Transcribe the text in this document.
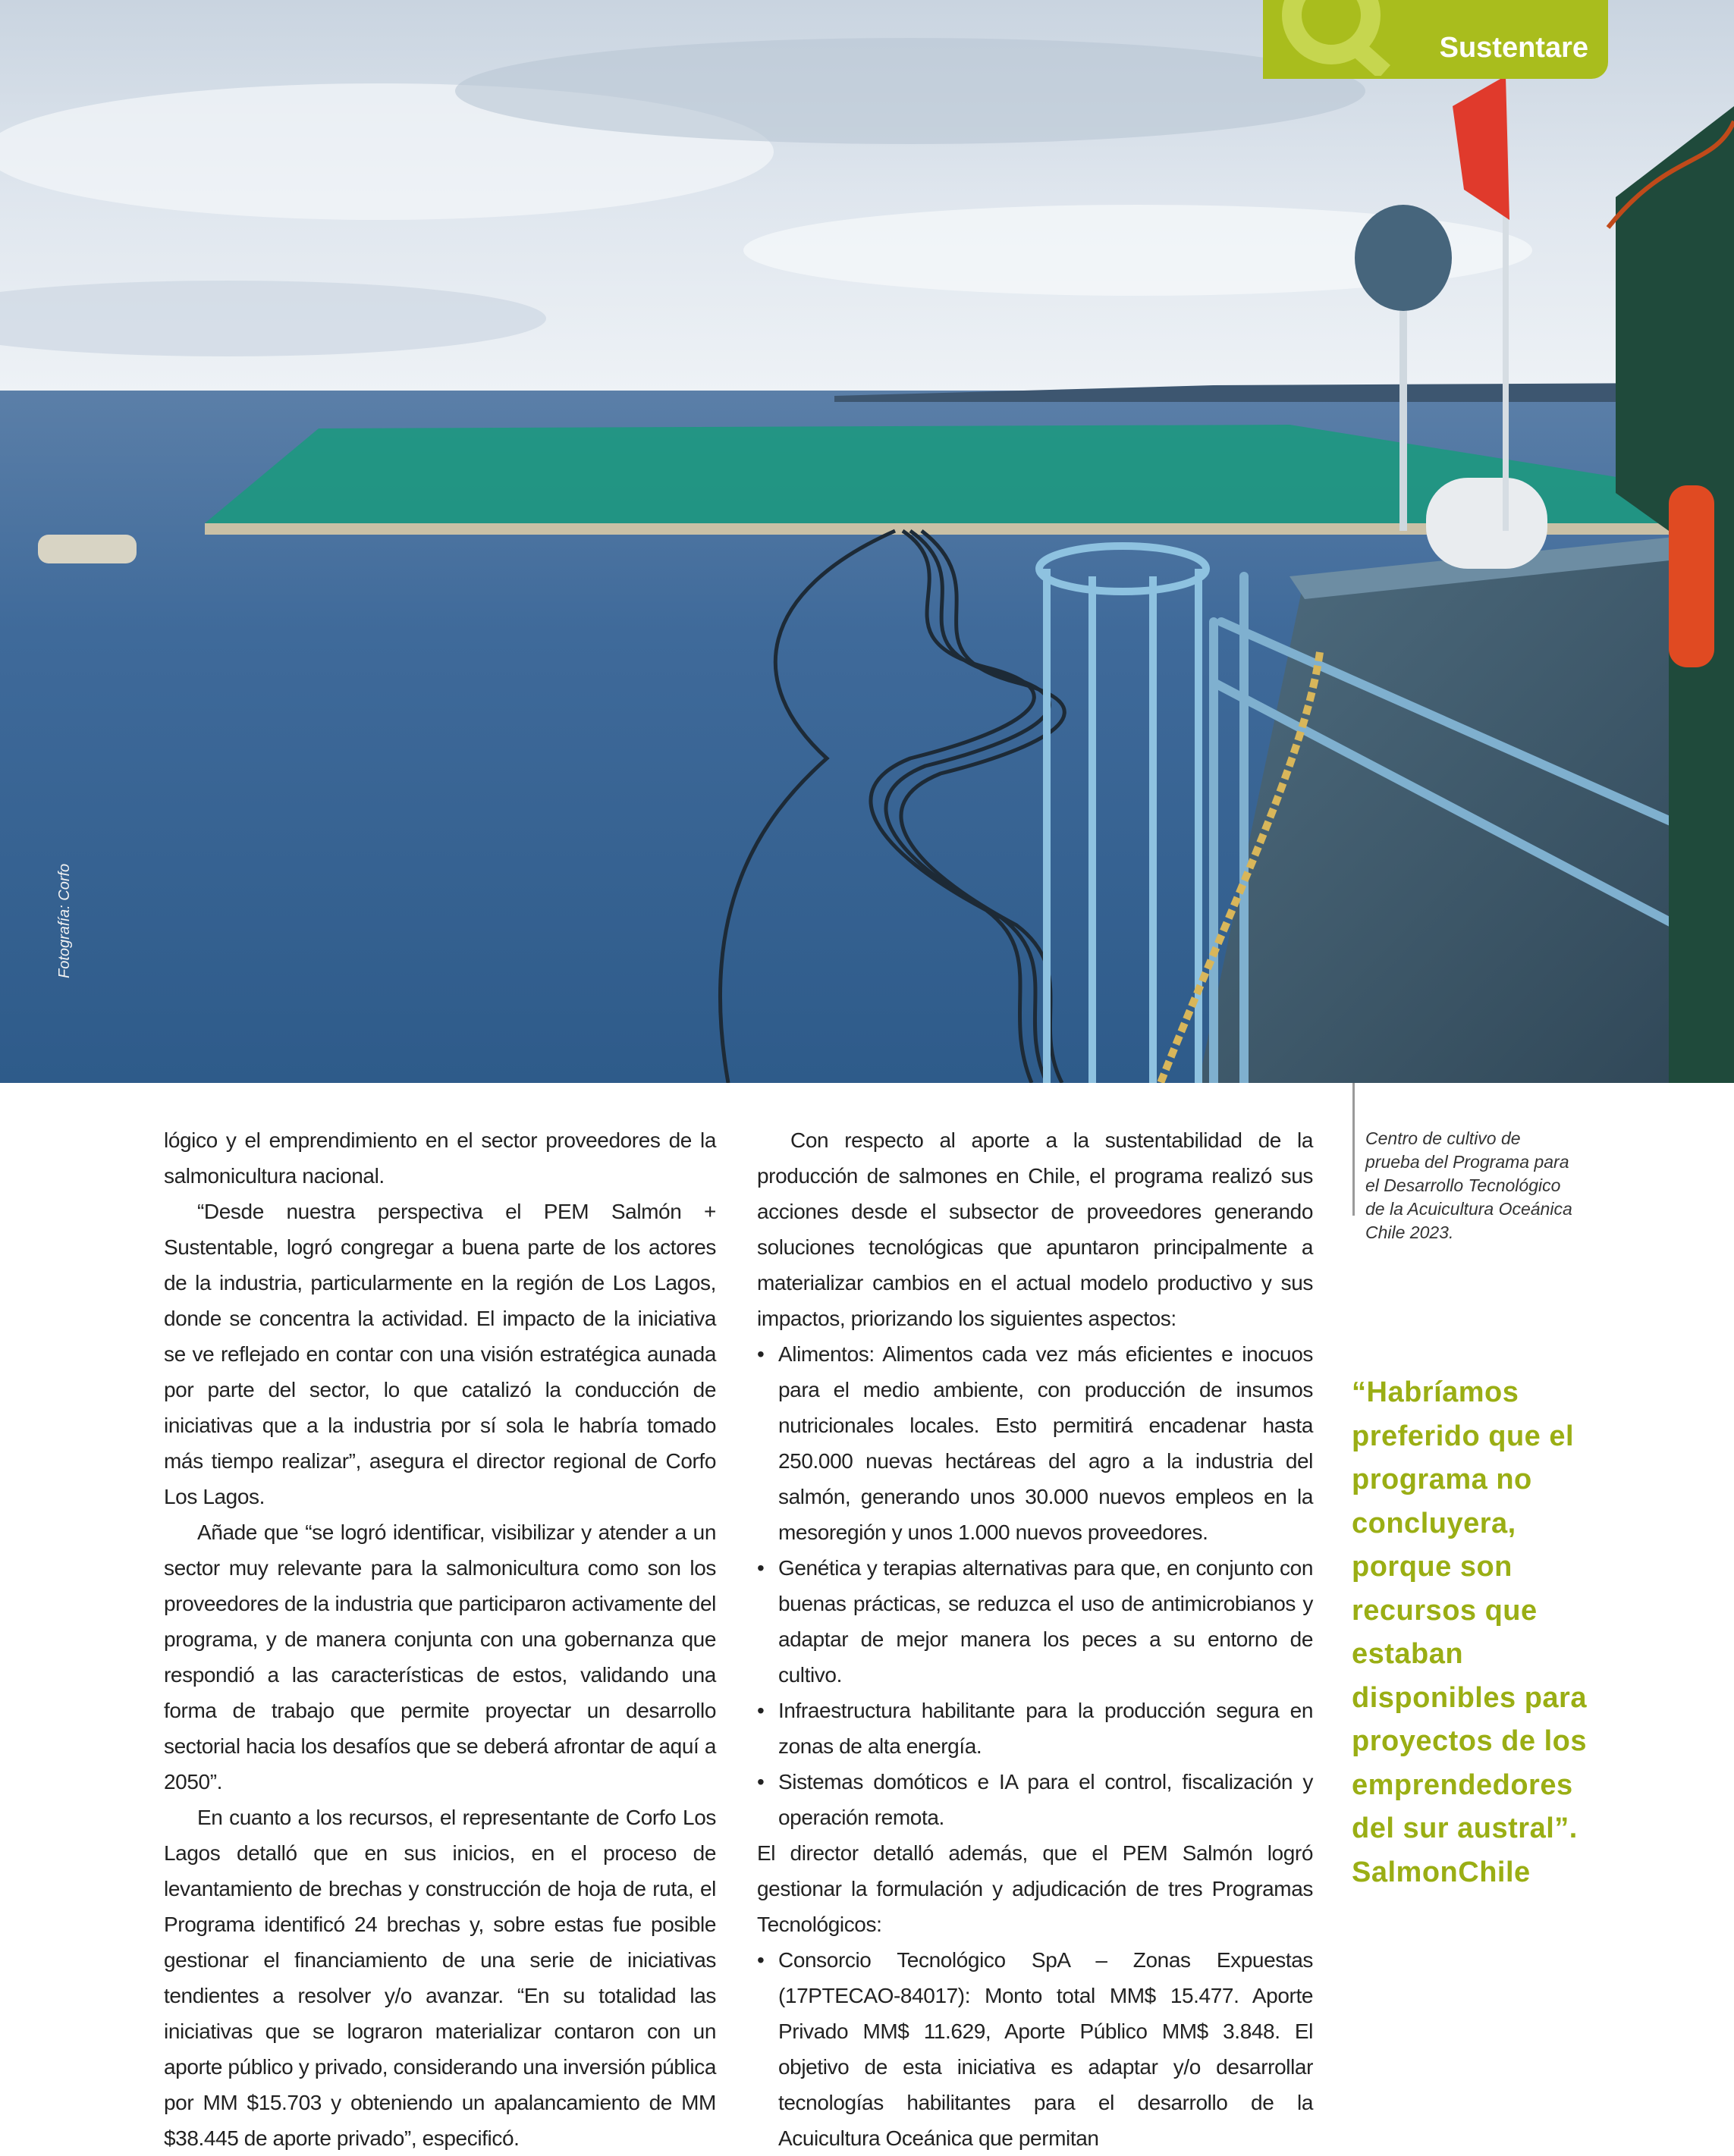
Sustentare
Fotografía: Corfo

lógico y el emprendimiento en el sector proveedores de la salmonicultura nacional.

“Desde nuestra perspectiva el PEM Salmón + Sustentable, logró congregar a buena parte de los actores de la industria, particularmente en la región de Los Lagos, donde se concentra la actividad. El impacto de la iniciativa se ve reflejado en contar con una visión estratégica aunada por parte del sector, lo que catalizó la conducción de iniciativas que a la industria por sí sola le habría tomado más tiempo realizar”, asegura el director regional de Corfo Los Lagos.

Añade que “se logró identificar, visibilizar y atender a un sector muy relevante para la salmonicultura como son los proveedores de la industria que participaron activamente del programa, y de manera conjunta con una gobernanza que respondió a las características de estos, validando una forma de trabajo que permite proyectar un desarrollo sectorial hacia los desafíos que se deberá afrontar de aquí a 2050”.

En cuanto a los recursos, el representante de Corfo Los Lagos detalló que en sus inicios, en el proceso de levantamiento de brechas y construcción de hoja de ruta, el Programa identificó 24 brechas y, sobre estas fue posible gestionar el financiamiento de una serie de iniciativas tendientes a resolver y/o avanzar. “En su totalidad las iniciativas que se lograron materializar contaron con un aporte público y privado, considerando una inversión pública por MM $15.703 y obteniendo un apalancamiento de MM $38.445 de aporte privado”, especificó.

Con respecto al aporte a la sustentabilidad de la producción de salmones en Chile, el programa realizó sus acciones desde el subsector de proveedores generando soluciones tecnológicas que apuntaron principalmente a materializar cambios en el actual modelo productivo y sus impactos, priorizando los siguientes aspectos:

• Alimentos: Alimentos cada vez más eficientes e inocuos para el medio ambiente, con producción de insumos nutricionales locales. Esto permitirá encadenar hasta 250.000 nuevas hectáreas del agro a la industria del salmón, generando unos 30.000 nuevos empleos en la mesoregión y unos 1.000 nuevos proveedores.
• Genética y terapias alternativas para que, en conjunto con buenas prácticas, se reduzca el uso de antimicrobianos y adaptar de mejor manera los peces a su entorno de cultivo.
• Infraestructura habilitante para la producción segura en zonas de alta energía.
• Sistemas domóticos e IA para el control, fiscalización y operación remota.

El director detalló además, que el PEM Salmón logró gestionar la formulación y adjudicación de tres Programas Tecnológicos:

• Consorcio Tecnológico SpA – Zonas Expuestas (17PTECAO-84017): Monto total MM$ 15.477. Aporte Privado MM$ 11.629, Aporte Público MM$ 3.848. El objetivo de esta iniciativa es adaptar y/o desarrollar tecnologías habilitantes para el desarrollo de la Acuicultura Oceánica que permitan
Centro de cultivo de prueba del Programa para el Desarrollo Tecnológico de la Acuicultura Oceánica Chile 2023.

“Habríamos preferido que el programa no concluyera, porque son recursos que estaban disponibles para proyectos de los emprendedores del sur austral”.

SalmonChile
